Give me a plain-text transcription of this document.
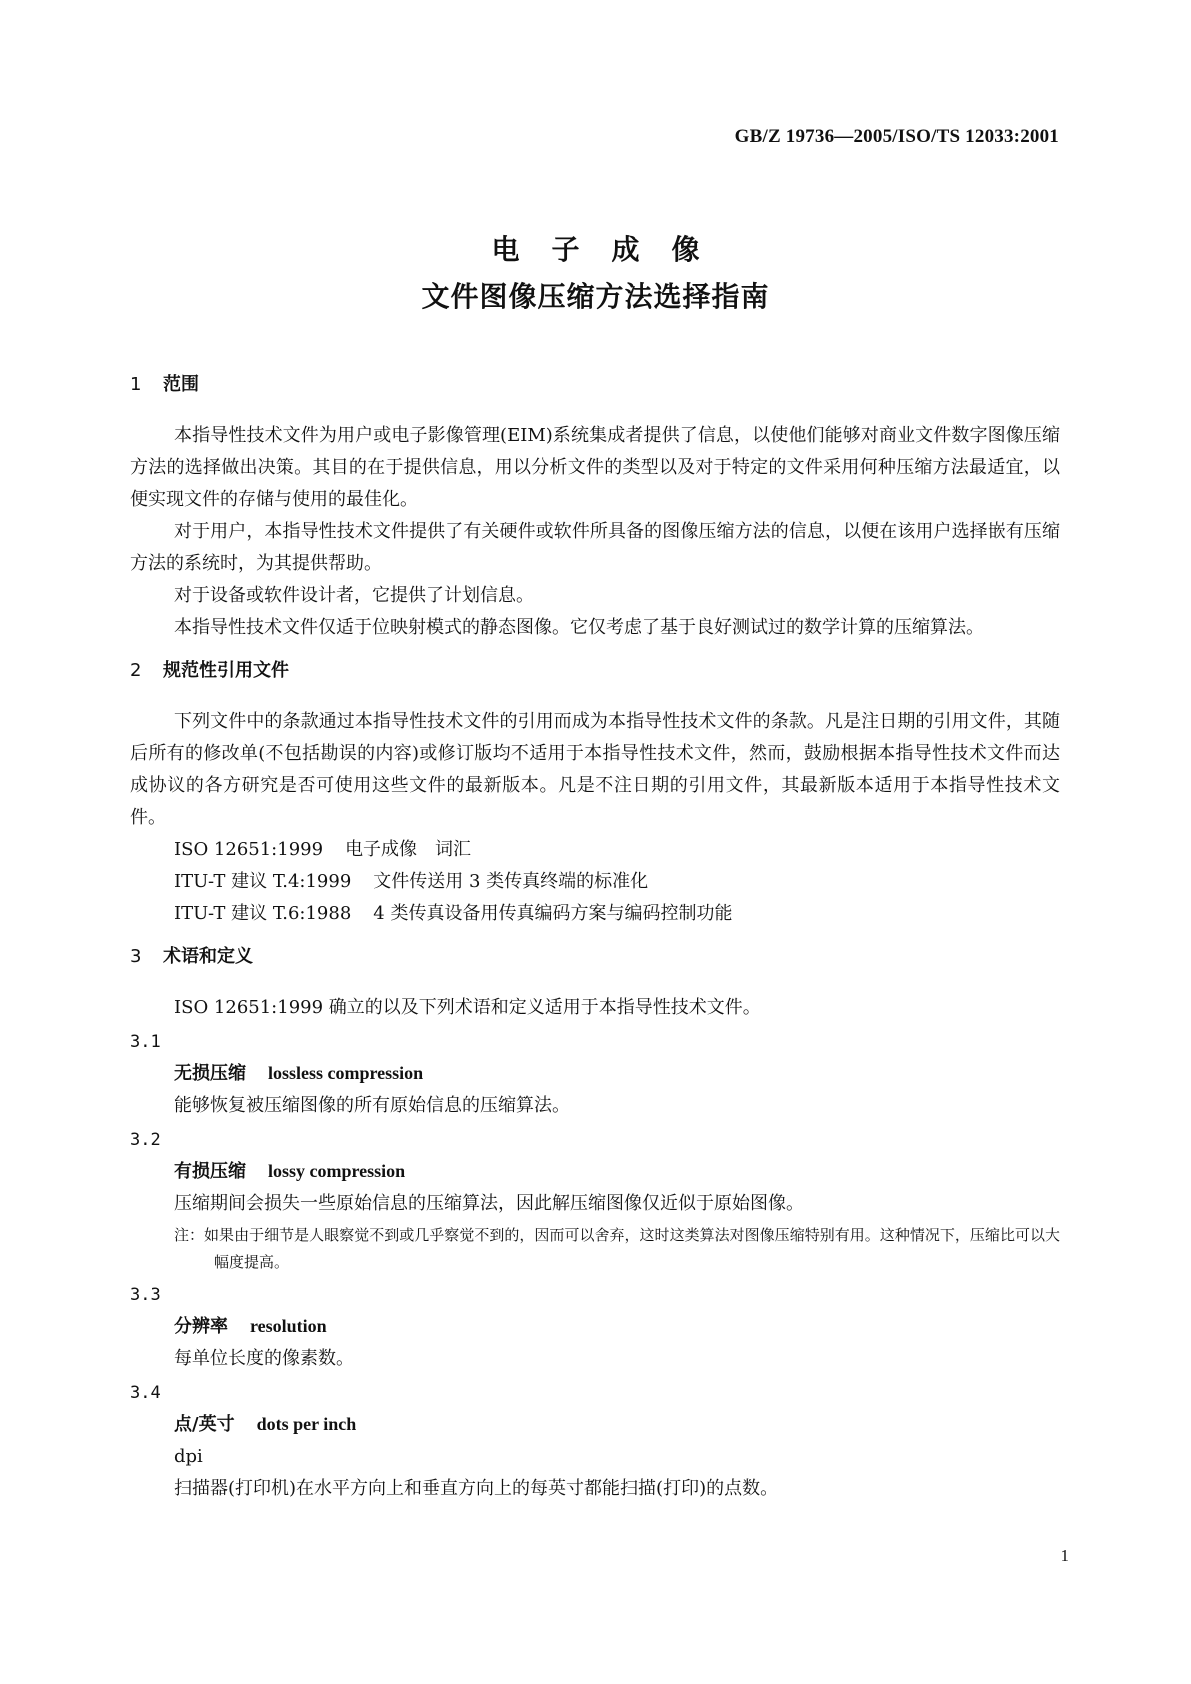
GB/Z 19736—2005/ISO/TS 12033:2001
电 子 成 像
文件图像压缩方法选择指南
1 范围

本指导性技术文件为用户或电子影像管理(EIM)系统集成者提供了信息，以使他们能够对商业文件数字图像压缩方法的选择做出决策。其目的在于提供信息，用以分析文件的类型以及对于特定的文件采用何种压缩方法最适宜，以便实现文件的存储与使用的最佳化。

对于用户，本指导性技术文件提供了有关硬件或软件所具备的图像压缩方法的信息，以便在该用户选择嵌有压缩方法的系统时，为其提供帮助。

对于设备或软件设计者，它提供了计划信息。

本指导性技术文件仅适于位映射模式的静态图像。它仅考虑了基于良好测试过的数学计算的压缩算法。

2 规范性引用文件

下列文件中的条款通过本指导性技术文件的引用而成为本指导性技术文件的条款。凡是注日期的引用文件，其随后所有的修改单(不包括勘误的内容)或修订版均不适用于本指导性技术文件，然而，鼓励根据本指导性技术文件而达成协议的各方研究是否可使用这些文件的最新版本。凡是不注日期的引用文件，其最新版本适用于本指导性技术文件。

ISO 12651:1999 电子成像　词汇

ITU-T 建议 T.4:1999 文件传送用 3 类传真终端的标准化

ITU-T 建议 T.6:1988 4 类传真设备用传真编码方案与编码控制功能

3 术语和定义

ISO 12651:1999 确立的以及下列术语和定义适用于本指导性技术文件。

3.1
无损压缩 lossless compression
能够恢复被压缩图像的所有原始信息的压缩算法。
3.2
有损压缩 lossy compression
压缩期间会损失一些原始信息的压缩算法，因此解压缩图像仅近似于原始图像。
注：如果由于细节是人眼察觉不到或几乎察觉不到的，因而可以舍弃，这时这类算法对图像压缩特别有用。这种情况下，压缩比可以大幅度提高。
3.3
分辨率 resolution
每单位长度的像素数。
3.4
点/英寸 dots per inch
dpi
扫描器(打印机)在水平方向上和垂直方向上的每英寸都能扫描(打印)的点数。
1
